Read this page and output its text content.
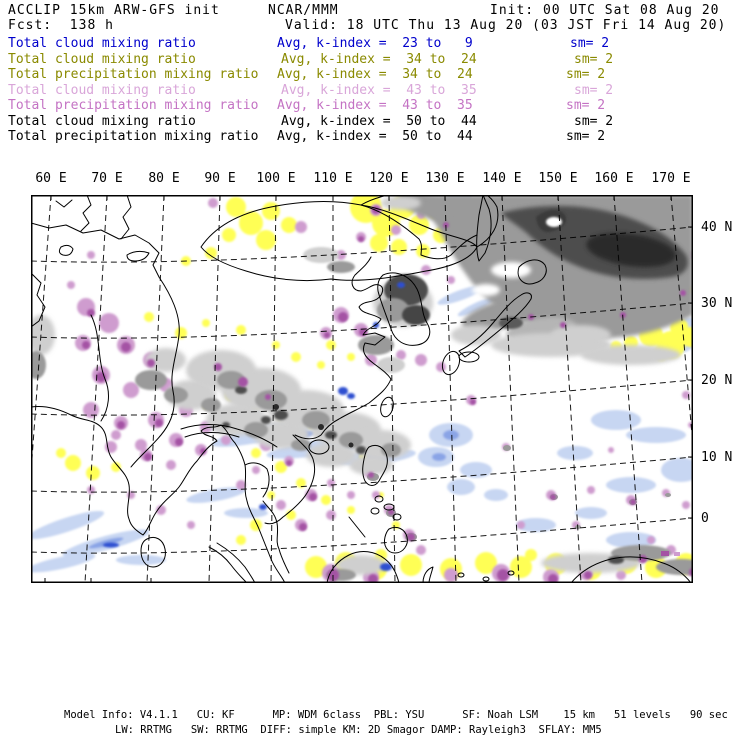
ACCLIP 15km ARW-GFS init	NCAR/MMM	Init: 00 UTC Sat 08 Aug 20
Fcst:  138 h	Valid: 18 UTC Thu 13 Aug 20 (03 JST Fri 14 Aug 20)
Total cloud mixing ratio	Avg, k-index =  23 to   9	sm= 2
Total cloud mixing ratio	Avg, k-index =  34 to  24	sm= 2
Total precipitation mixing ratio Avg, k-index =  34 to  24	sm= 2
Total cloud mixing ratio	Avg, k-index =  43 to  35	sm= 2
Total precipitation mixing ratio Avg, k-index =  43 to  35	sm= 2
Total cloud mixing ratio	Avg, k-index =  50 to  44	sm= 2
Total precipitation mixing ratio Avg, k-index =  50 to  44	sm= 2
60 E	70 E	80 E	90 E	100 E	110 E	120 E	130 E	140 E	150 E	160 E	170 E
40 N
30 N
20 N
10 N
0
Model Info: V4.1.1   CU: KF      MP: WDM 6class  PBL: YSU      SF: Noah LSM    15 km   51 levels   90 sec
LW: RRTMG   SW: RRTMG  DIFF: simple KM: 2D Smagor DAMP: Rayleigh3  SFLAY: MM5
